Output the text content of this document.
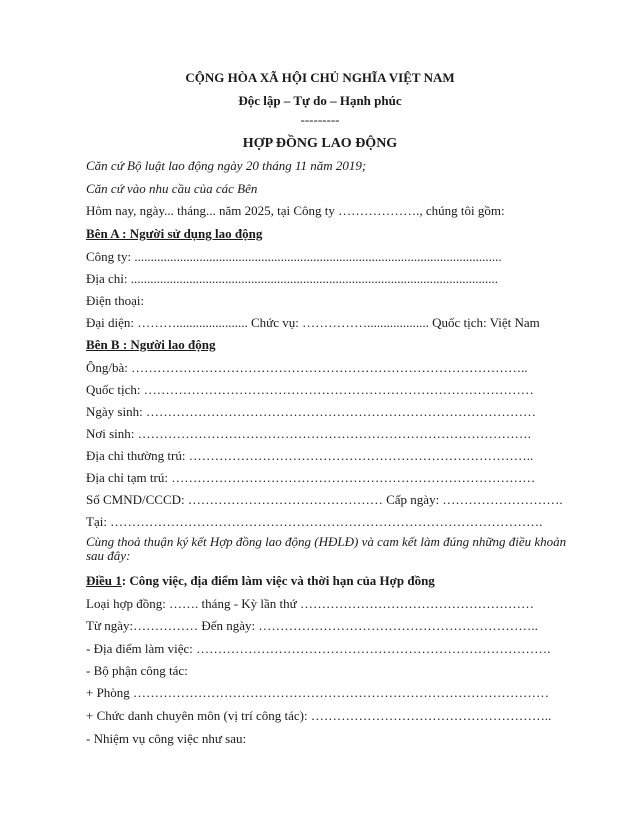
CỘNG HÒA XÃ HỘI CHỦ NGHĨA VIỆT NAM
Độc lập – Tự do – Hạnh phúc
---------
HỢP ĐỒNG LAO ĐỘNG
Căn cứ Bộ luật lao động ngày 20 tháng 11 năm 2019;
Căn cứ vào nhu cầu của các Bên
Hôm nay, ngày... tháng... năm 2025, tại Công ty ………………., chúng tôi gồm:
Bên A : Người sử dụng lao động
Công ty: .................................................................................................................
Địa chỉ: .................................................................................................................
Điện thoại:
Đại diện: ………...................... Chức vụ: ……………................... Quốc tịch: Việt Nam
Bên B : Người lao động
Ông/bà: ………………………………………………………………………………..
Quốc tịch: ………………………………………………………………………………
Ngày sinh: ………………………………………………………………………………
Nơi sinh: ……………………………………………………………………………….
Địa chỉ thường trú: ……………………………………………………………………..
Địa chỉ tạm trú: …………………………………………………………………………
Số CMND/CCCD: ……………………………………… Cấp ngày: ……………………….
Tại: ……………………………………………………………………………………….
Cùng thoả thuận ký kết Hợp đồng lao động (HĐLĐ) và cam kết làm đúng những điều khoản sau đây:
Điều 1: Công việc, địa điểm làm việc và thời hạn của Hợp đồng
Loại hợp đồng: ……. tháng - Kỳ lần thứ ………………………………………………
Từ ngày:…………… Đến ngày: ………………………………………………………..
- Địa điểm làm việc: ……………………………………………………………………….
- Bộ phận công tác:
+ Phòng ……………………………………………………………………………………
+ Chức danh chuyên môn (vị trí công tác): ………………………………………………..
- Nhiệm vụ công việc như sau:
